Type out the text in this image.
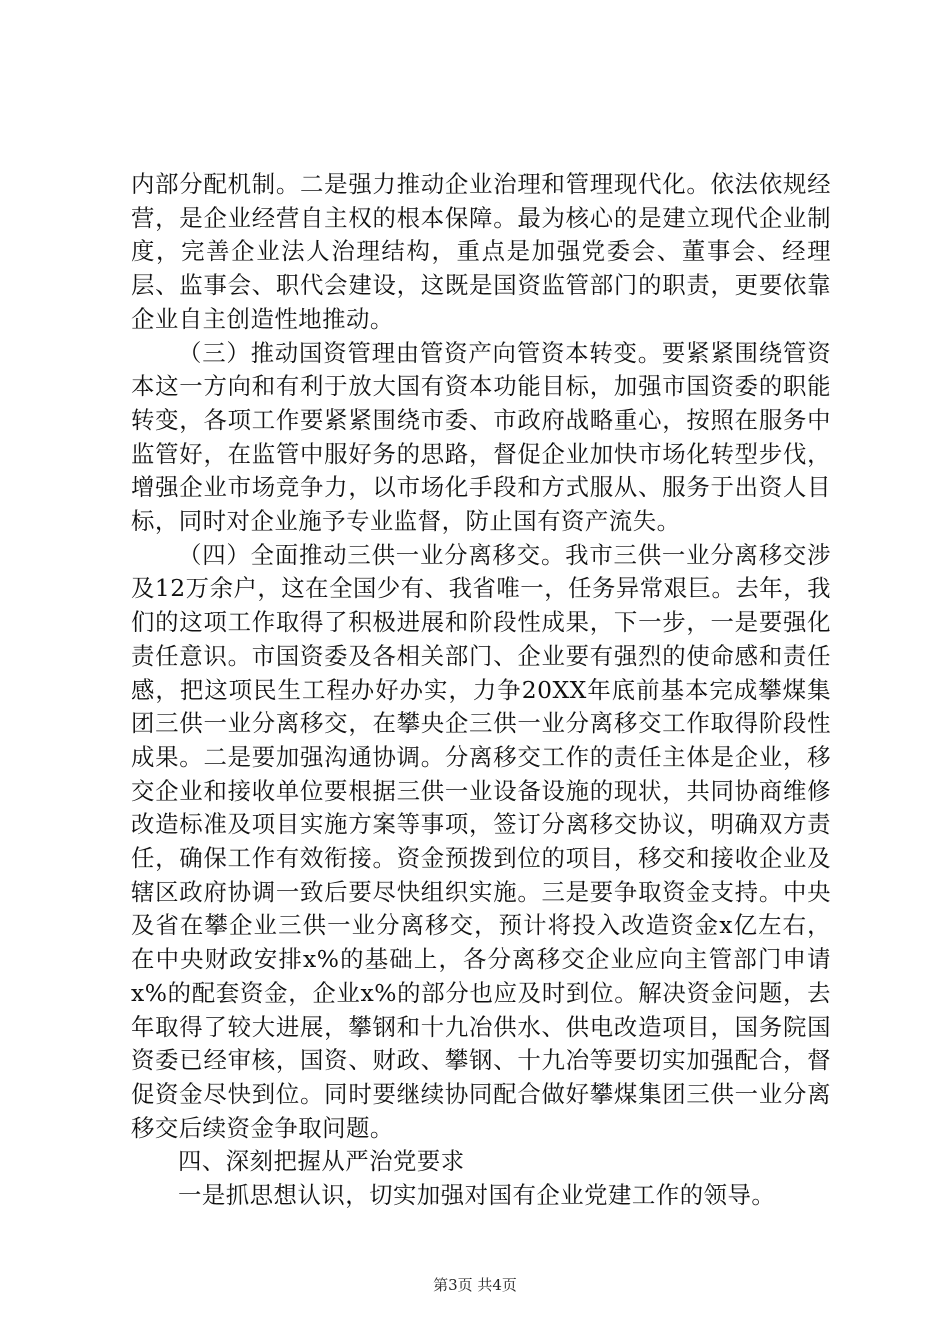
内部分配机制。二是强力推动企业治理和管理现代化。依法依规经营，是企业经营自主权的根本保障。最为核心的是建立现代企业制度，完善企业法人治理结构，重点是加强党委会、董事会、经理层、监事会、职代会建设，这既是国资监管部门的职责，更要依靠企业自主创造性地推动。

（三）推动国资管理由管资产向管资本转变。要紧紧围绕管资本这一方向和有利于放大国有资本功能目标，加强市国资委的职能转变，各项工作要紧紧围绕市委、市政府战略重心，按照在服务中监管好，在监管中服好务的思路，督促企业加快市场化转型步伐，增强企业市场竞争力，以市场化手段和方式服从、服务于出资人目标，同时对企业施予专业监督，防止国有资产流失。

（四）全面推动三供一业分离移交。我市三供一业分离移交涉及12万余户，这在全国少有、我省唯一，任务异常艰巨。去年，我们的这项工作取得了积极进展和阶段性成果，下一步，一是要强化责任意识。市国资委及各相关部门、企业要有强烈的使命感和责任感，把这项民生工程办好办实，力争20XX年底前基本完成攀煤集团三供一业分离移交，在攀央企三供一业分离移交工作取得阶段性成果。二是要加强沟通协调。分离移交工作的责任主体是企业，移交企业和接收单位要根据三供一业设备设施的现状，共同协商维修改造标准及项目实施方案等事项，签订分离移交协议，明确双方责任，确保工作有效衔接。资金预拨到位的项目，移交和接收企业及辖区政府协调一致后要尽快组织实施。三是要争取资金支持。中央及省在攀企业三供一业分离移交，预计将投入改造资金x亿左右，在中央财政安排x%的基础上，各分离移交企业应向主管部门申请x%的配套资金，企业x%的部分也应及时到位。解决资金问题，去年取得了较大进展，攀钢和十九冶供水、供电改造项目，国务院国资委已经审核，国资、财政、攀钢、十九冶等要切实加强配合，督促资金尽快到位。同时要继续协同配合做好攀煤集团三供一业分离移交后续资金争取问题。

四、深刻把握从严治党要求

一是抓思想认识，切实加强对国有企业党建工作的领导。

第3页 共4页
